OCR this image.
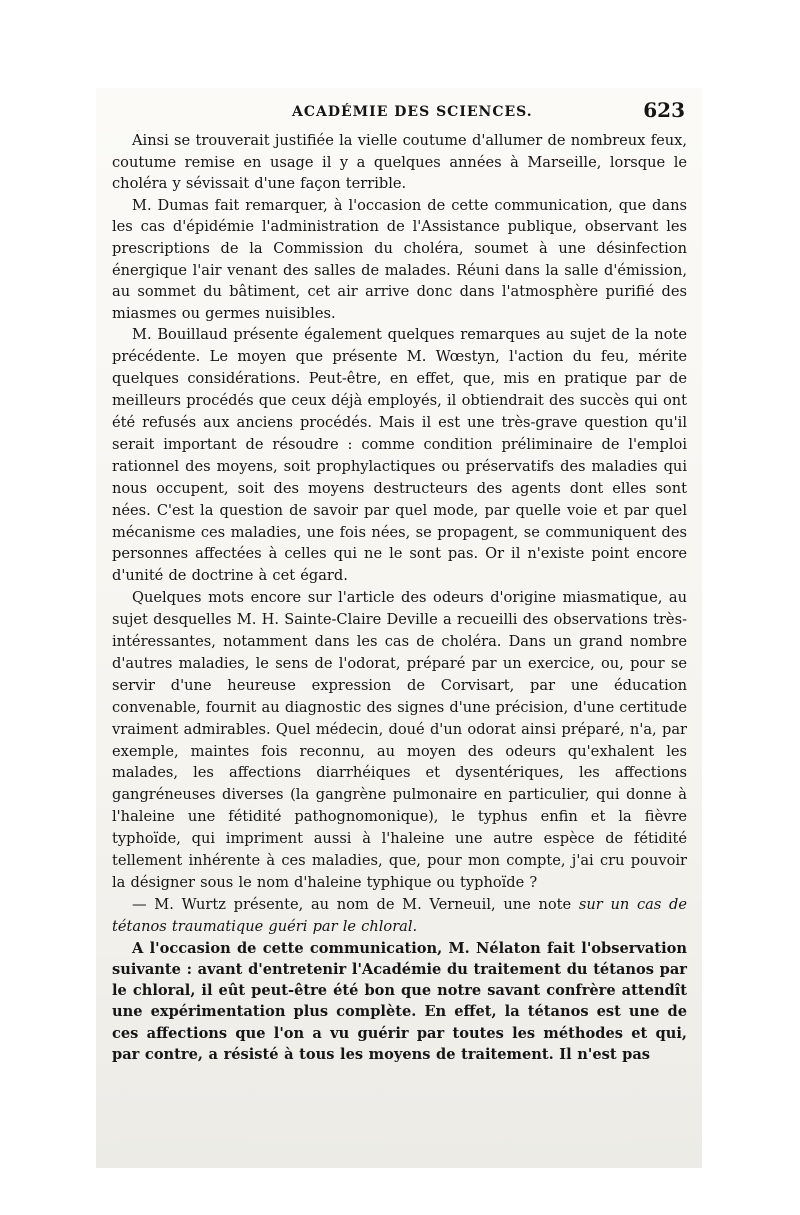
ACADÉMIE DES SCIENCES.	623

Ainsi se trouverait justifiée la vielle coutume d'allumer de nombreux feux, coutume remise en usage il y a quelques années à Marseille, lorsque le choléra y sévissait d'une façon terrible.

M. Dumas fait remarquer, à l'occasion de cette communication, que dans les cas d'épidémie l'administration de l'Assistance publique, observant les prescriptions de la Commission du choléra, soumet à une désinfection énergique l'air venant des salles de malades. Réuni dans la salle d'émission, au sommet du bâtiment, cet air arrive donc dans l'atmosphère purifié des miasmes ou germes nuisibles.

M. Bouillaud présente également quelques remarques au sujet de la note précédente. Le moyen que présente M. Wœstyn, l'action du feu, mérite quelques considérations. Peut-être, en effet, que, mis en pratique par de meilleurs procédés que ceux déjà employés, il obtiendrait des succès qui ont été refusés aux anciens procédés. Mais il est une très-grave question qu'il serait important de résoudre : comme condition préliminaire de l'emploi rationnel des moyens, soit prophylactiques ou préservatifs des maladies qui nous occupent, soit des moyens destructeurs des agents dont elles sont nées. C'est la question de savoir par quel mode, par quelle voie et par quel mécanisme ces maladies, une fois nées, se propagent, se communiquent des personnes affectées à celles qui ne le sont pas. Or il n'existe point encore d'unité de doctrine à cet égard.

Quelques mots encore sur l'article des odeurs d'origine miasmatique, au sujet desquelles M. H. Sainte-Claire Deville a recueilli des observations très-intéressantes, notamment dans les cas de choléra. Dans un grand nombre d'autres maladies, le sens de l'odorat, préparé par un exercice, ou, pour se servir d'une heureuse expression de Corvisart, par une éducation convenable, fournit au diagnostic des signes d'une précision, d'une certitude vraiment admirables. Quel médecin, doué d'un odorat ainsi préparé, n'a, par exemple, maintes fois reconnu, au moyen des odeurs qu'exhalent les malades, les affections diarrhéiques et dysentériques, les affections gangréneuses diverses (la gangrène pulmonaire en particulier, qui donne à l'haleine une fétidité pathognomonique), le typhus enfin et la fièvre typhoïde, qui impriment aussi à l'haleine une autre espèce de fétidité tellement inhérente à ces maladies, que, pour mon compte, j'ai cru pouvoir la désigner sous le nom d'haleine typhique ou typhoïde ?

— M. Wurtz présente, au nom de M. Verneuil, une note sur un cas de tétanos traumatique guéri par le chloral.

A l'occasion de cette communication, M. Nélaton fait l'observation suivante : avant d'entretenir l'Académie du traitement du tétanos par le chloral, il eût peut-être été bon que notre savant confrère attendît une expérimentation plus complète. En effet, la tétanos est une de ces affections que l'on a vu guérir par toutes les méthodes et qui, par contre, a résisté à tous les moyens de traitement. Il n'est pas
